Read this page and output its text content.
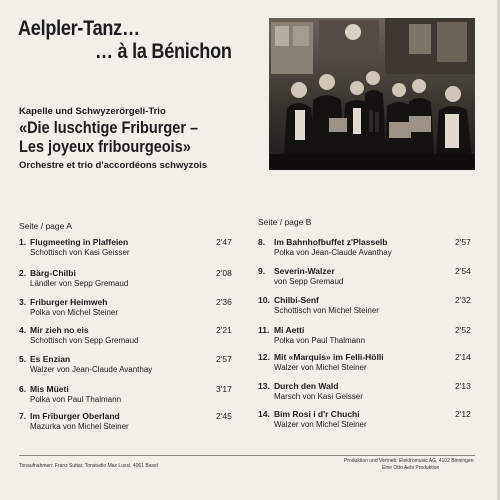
Aelpler-Tanz…
… à la Bénichon
Kapelle und Schwyzerörgeli-Trio
«Die luschtige Friburger –
Les joyeux fribourgeois»
Orchestre et trio d'accordéons schwyzois
Seite / page A	Seite / page B
1. Flugmeeting in Plaffeien
Schottisch von Kasi Geisser
2'47
2. Bärg-Chilbi
Ländler von Sepp Gremaud
2'08
3. Friburger Heimweh
Polka von Michel Steiner
2'36
4. Mir zieh no eis
Schottisch von Sepp Gremaud
2'21
5. Es Enzian
Walzer von Jean-Claude Avanthay
2'57
6. Mis Müeti
Polka von Paul Thalmann
3'17
7. Im Friburger Oberland
Mazurka von Michel Steiner
2'45
8. Im Bahnhofbuffet z'Plasselb
Polka von Jean-Claude Avanthay
2'57
9. Severin-Walzer
von Sepp Gremaud
2'54
10. Chilbi-Senf
Schottisch von Michel Steiner
2'32
11. Mi Aetti
Polka von Paul Thalmann
2'52
12. Mit «Marquis» im Felli-Hölli
Walzer von Michel Steiner
2'14
13. Durch den Wald
Marsch von Kasi Geisser
2'13
14. Bim Rosi i d'r Chuchi
Walzer von Michel Steiner
2'12
Tonaufnahmen: Franz Suttar, Tonstudio Max Lussi, 4061 Basel
Produktion und Vertrieb: Elektromusic AG, 4102 Binningen
Eine Otto Aebi Produktion
